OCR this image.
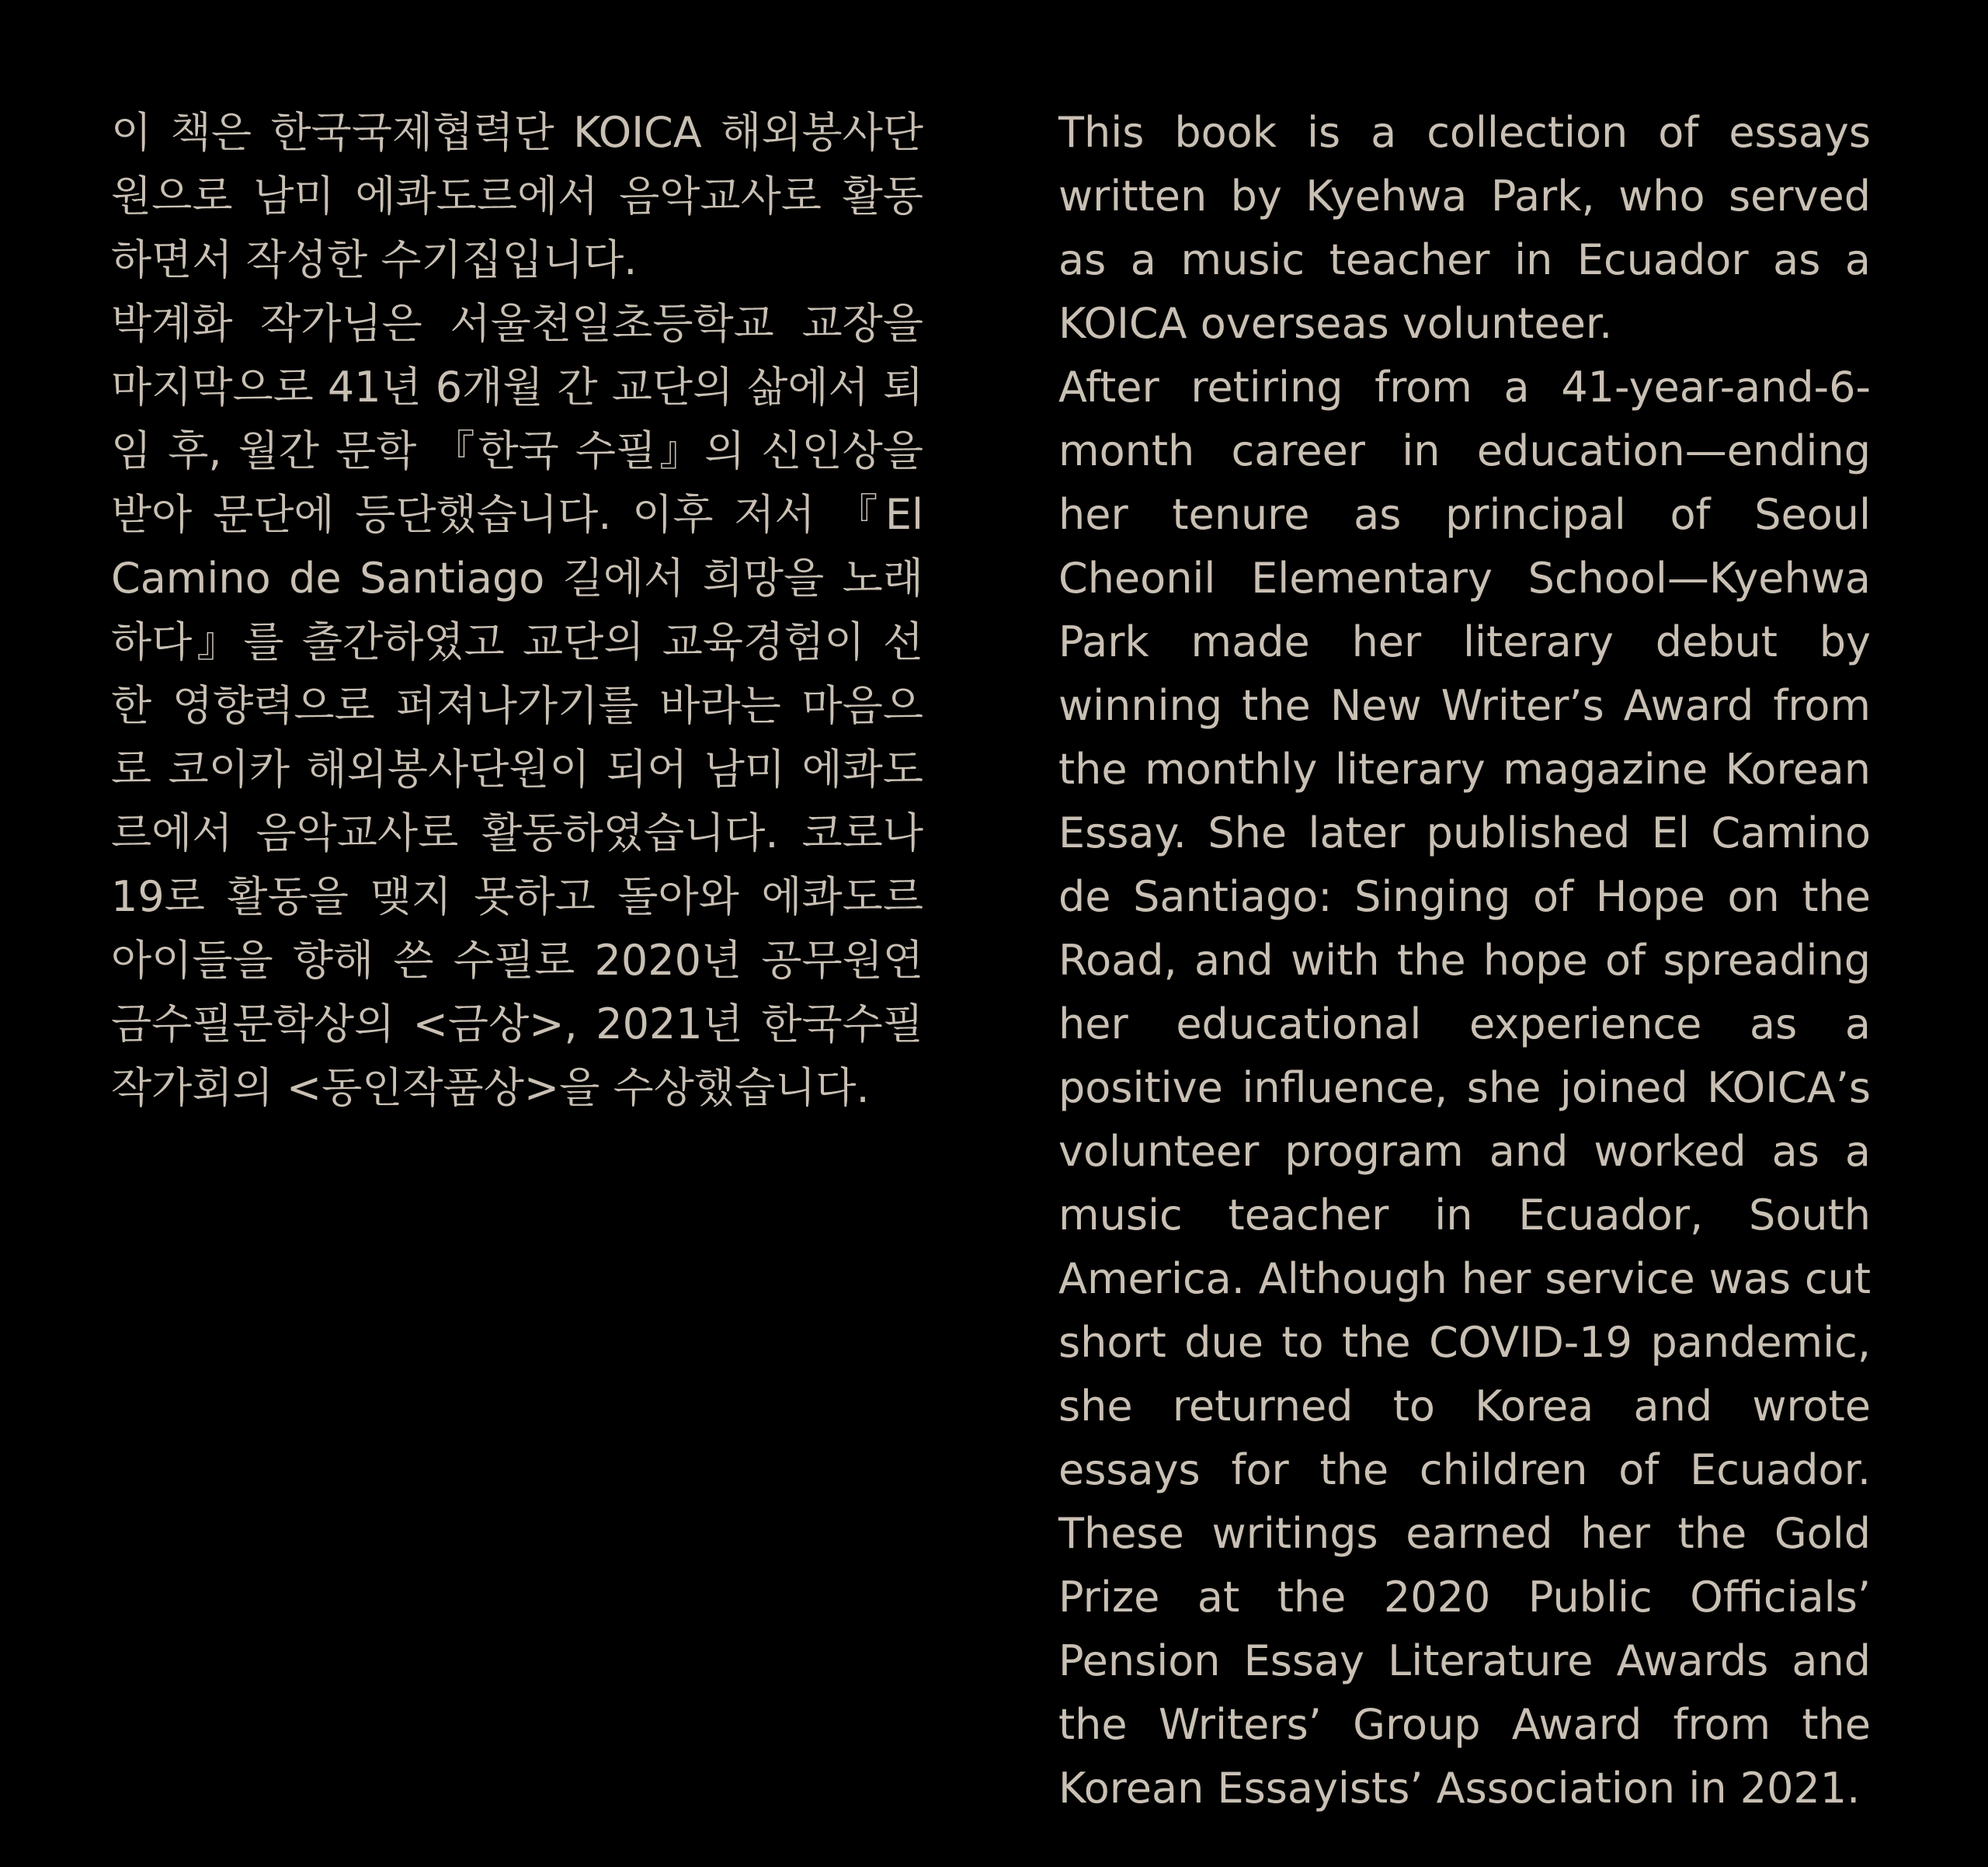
이 책은 한국국제협력단 KOICA 해외봉사단원으로 남미 에콰도르에서 음악교사로 활동하면서 작성한 수기집입니다.

박계화 작가님은 서울천일초등학교 교장을 마지막으로 41년 6개월 간 교단의 삶에서 퇴임 후, 월간 문학 『한국 수필』의 신인상을 받아 문단에 등단했습니다. 이후 저서 『El Camino de Santiago 길에서 희망을 노래하다』를 출간하였고 교단의 교육경험이 선한 영향력으로 퍼져나가기를 바라는 마음으로 코이카 해외봉사단원이 되어 남미 에콰도르에서 음악교사로 활동하였습니다. 코로나19로 활동을 맺지 못하고 돌아와 에콰도르 아이들을 향해 쓴 수필로 2020년 공무원연금수필문학상의 <금상>, 2021년 한국수필작가회의 <동인작품상>을 수상했습니다.

This book is a collection of essays written by Kyehwa Park, who served as a music teacher in Ecuador as a KOICA overseas volunteer.

After retiring from a 41-year-and-6-month career in education—ending her tenure as principal of Seoul Cheonil Elementary School—Kyehwa Park made her literary debut by winning the New Writer’s Award from the monthly literary magazine Korean Essay. She later published El Camino de Santiago: Singing of Hope on the Road, and with the hope of spreading her educational experience as a positive influence, she joined KOICA’s volunteer program and worked as a music teacher in Ecuador, South America. Although her service was cut short due to the COVID-19 pandemic, she returned to Korea and wrote essays for the children of Ecuador. These writings earned her the Gold Prize at the 2020 Public Officials’ Pension Essay Literature Awards and the Writers’ Group Award from the Korean Essayists’ Association in 2021.
